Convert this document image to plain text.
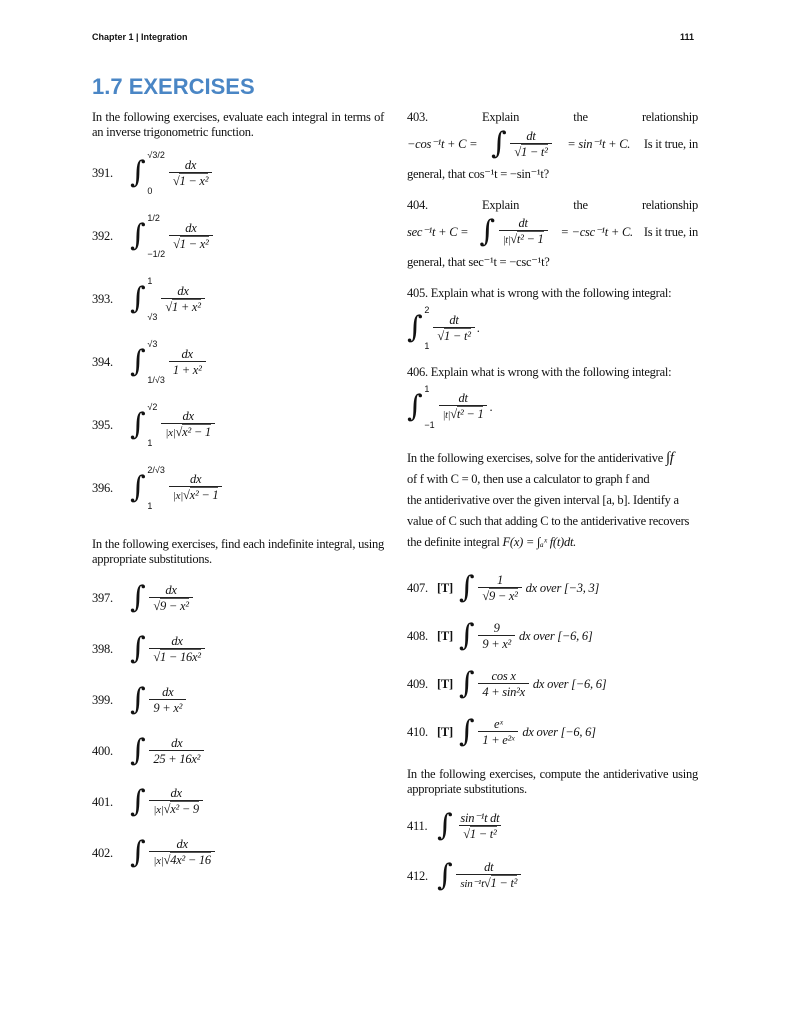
Chapter 1 | Integration	111
1.7 EXERCISES
In the following exercises, evaluate each integral in terms of an inverse trigonometric function.
391. ∫ √3/2
0
$\frac{dx}{\text{√1 − x²}}$
392. ∫ 1/2
−1/2
$\frac{dx}{\text{√1 − x²}}$
393. ∫ 1
√3
$\frac{dx}{\text{√1 + x²}}$
394. ∫ √3
1/√3
$\frac{dx}{\text{1 + x²}}$
395. ∫ √2
1
$\frac{dx}{\text{|x|√x² − 1}}$
396. ∫ 2/√3
1
$\frac{dx}{\text{|x|√x² − 1}}$
In the following exercises, find each indefinite integral, using appropriate substitutions.
397. ∫ $\frac{dx}{\text{√9 − x²}}$
398. ∫ $\frac{dx}{\text{√1 − 16x²}}$
399. ∫ $\frac{dx}{\text{9 + x²}}$
400. ∫ $\frac{dx}{\text{25 + 16x²}}$
401. ∫ $\frac{dx}{\text{|x|√x² − 9}}$
402. ∫ $\frac{dx}{\text{|x|√4x² − 16}}$
403.	Explain	the	relationship
−cos⁻¹t + C = ∫ $\frac{dt}{\text{√1 − t²}} = \sin^{-1}t + C$. Is it true, in
general, that cos⁻¹t = −sin⁻¹t?
404.	Explain	the	relationship
sec⁻¹t + C = ∫ $\frac{dt}{\text{|t|√t² − 1}} = -\csc^{-1}t + C$. Is it true, in
general, that sec⁻¹t = −csc⁻¹t?
405. Explain what is wrong with the following integral:
∫ 2
1
$\frac{dt}{\text{√1 − t²}}$ .
406. Explain what is wrong with the following integral:
∫ 1
−1
$\frac{dt}{\text{|t|√t² − 1}}$ .
In the following exercises, solve for the antiderivative ∫f
of f with C = 0, then use a calculator to graph f and
the antiderivative over the given interval [a, b]. Identify a
value of C such that adding C to the antiderivative recovers
the definite integral F(x) = ∫ₐˣ f(t)dt.
407. [T] ∫ $\frac{1}{\text{√9 − x²}}$ dx over [−3, 3]
408. [T] ∫ $\frac{9}{\text{9 + x²}}$ dx over [−6, 6]
409. [T] ∫ $\frac{\text{cos x}}{\text{4 + sin²x}}$ dx over [−6, 6]
410. [T] ∫ $\frac{\text{eˣ}}{\text{1 + e²ˣ}}$ dx over [−6, 6]
In the following exercises, compute the antiderivative using appropriate substitutions.
411. ∫ $\frac{\text{sin⁻¹t dt}}{\text{√1 − t²}}$
412. ∫ $\frac{dt}{\text{sin⁻¹t√1 − t²}}$
